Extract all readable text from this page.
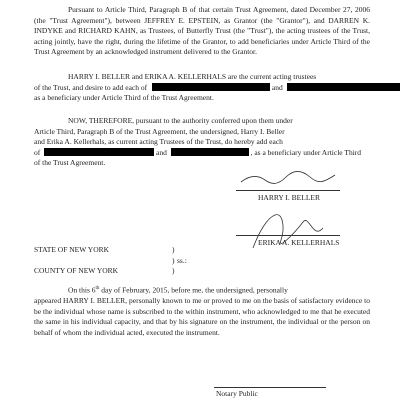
Pursuant to Article Third, Paragraph B of that certain Trust Agreement, dated December 27, 2006 (the "Trust Agreement"), between JEFFREY E. EPSTEIN, as Grantor (the "Grantor"), and DARREN K. INDYKE and RICHARD KAHN, as Trustees, of Butterfly Trust (the "Trust"), the acting trustees of the Trust, acting jointly, have the right, during the lifetime of the Grantor, to add beneficiaries under Article Third of the Trust Agreement by an acknowledged instrument delivered to the Grantor.
HARRY I. BELLER and ERIKA A. KELLERHALS are the current acting trustees
of the Trust, and desire to add each of	and
as a beneficiary under Article Third of the Trust Agreement.
NOW, THEREFORE, pursuant to the authority conferred upon them under
Article Third, Paragraph B of the Trust Agreement, the undersigned, Harry I. Beller
and Erika A. Kellerhals, as current acting Trustees of the Trust, do hereby add each
of	and	, as a beneficiary under Article Third
of the Trust Agreement.
HARRY I. BELLER
ERIKA A. KELLERHALS
STATE OF NEW YORK	)
) ss.:
COUNTY OF NEW YORK	)
On this 6th day of February, 2015, before me, the undersigned, personally
appeared HARRY I. BELLER, personally known to me or proved to me on the basis of satisfactory evidence to be the individual whose name is subscribed to the within instrument, who acknowledged to me that he executed the same in his individual capacity, and that by his signature on the instrument, the individual or the person on behalf of whom the individual acted, executed the instrument.
Notary Public
